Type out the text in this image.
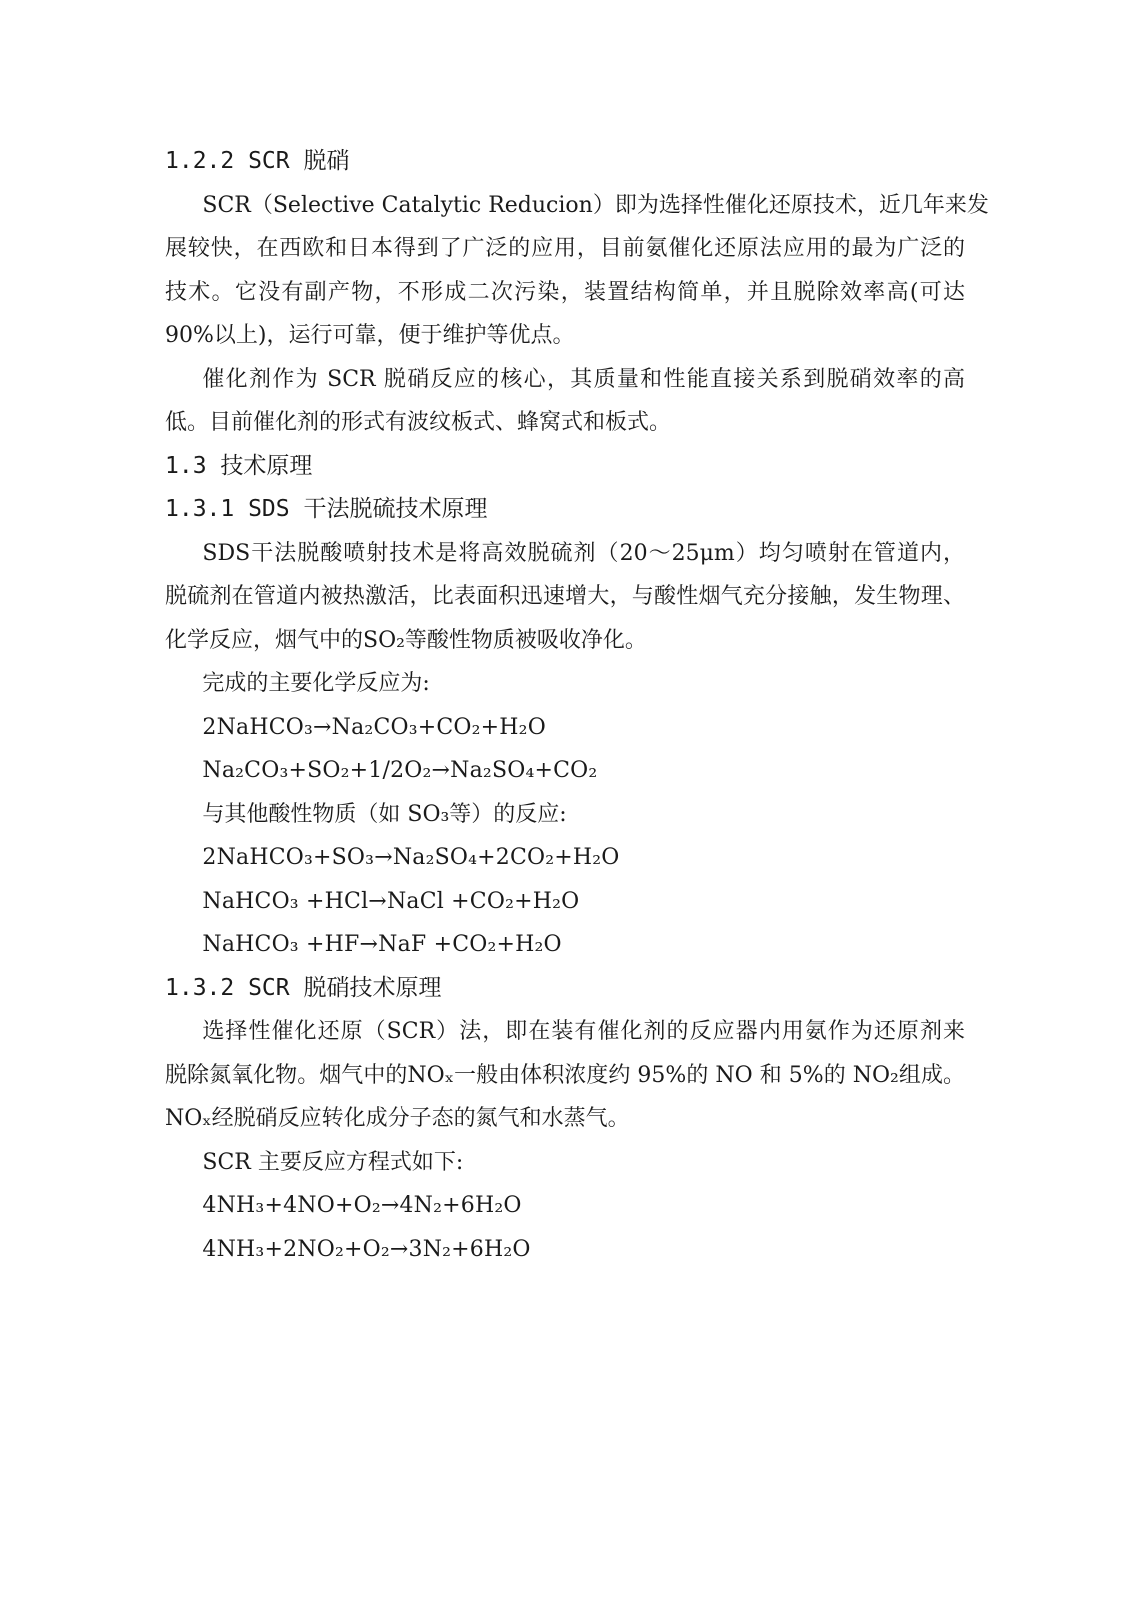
1.2.2 SCR 脱硝
SCR（Selective Catalytic Reducion）即为选择性催化还原技术，近几年来发
展较快，在西欧和日本得到了广泛的应用，目前氨催化还原法应用的最为广泛的
技术。它没有副产物，不形成二次污染，装置结构简单，并且脱除效率高(可达
90%以上)，运行可靠，便于维护等优点。
催化剂作为 SCR 脱硝反应的核心，其质量和性能直接关系到脱硝效率的高
低。目前催化剂的形式有波纹板式、蜂窝式和板式。
1.3 技术原理
1.3.1 SDS 干法脱硫技术原理
SDS干法脱酸喷射技术是将高效脱硫剂（20～25μm）均匀喷射在管道内，
脱硫剂在管道内被热激活，比表面积迅速增大，与酸性烟气充分接触，发生物理、
化学反应，烟气中的SO₂等酸性物质被吸收净化。
完成的主要化学反应为:
2NaHCO₃→Na₂CO₃+CO₂+H₂O
Na₂CO₃+SO₂+1/2O₂→Na₂SO₄+CO₂
与其他酸性物质（如 SO₃等）的反应:
2NaHCO₃+SO₃→Na₂SO₄+2CO₂+H₂O
NaHCO₃ +HCl→NaCl +CO₂+H₂O
NaHCO₃ +HF→NaF +CO₂+H₂O
1.3.2 SCR 脱硝技术原理
选择性催化还原（SCR）法，即在装有催化剂的反应器内用氨作为还原剂来
脱除氮氧化物。烟气中的NOₓ一般由体积浓度约 95%的 NO 和 5%的 NO₂组成。
NOₓ经脱硝反应转化成分子态的氮气和水蒸气。
SCR 主要反应方程式如下:
4NH₃+4NO+O₂→4N₂+6H₂O
4NH₃+2NO₂+O₂→3N₂+6H₂O
